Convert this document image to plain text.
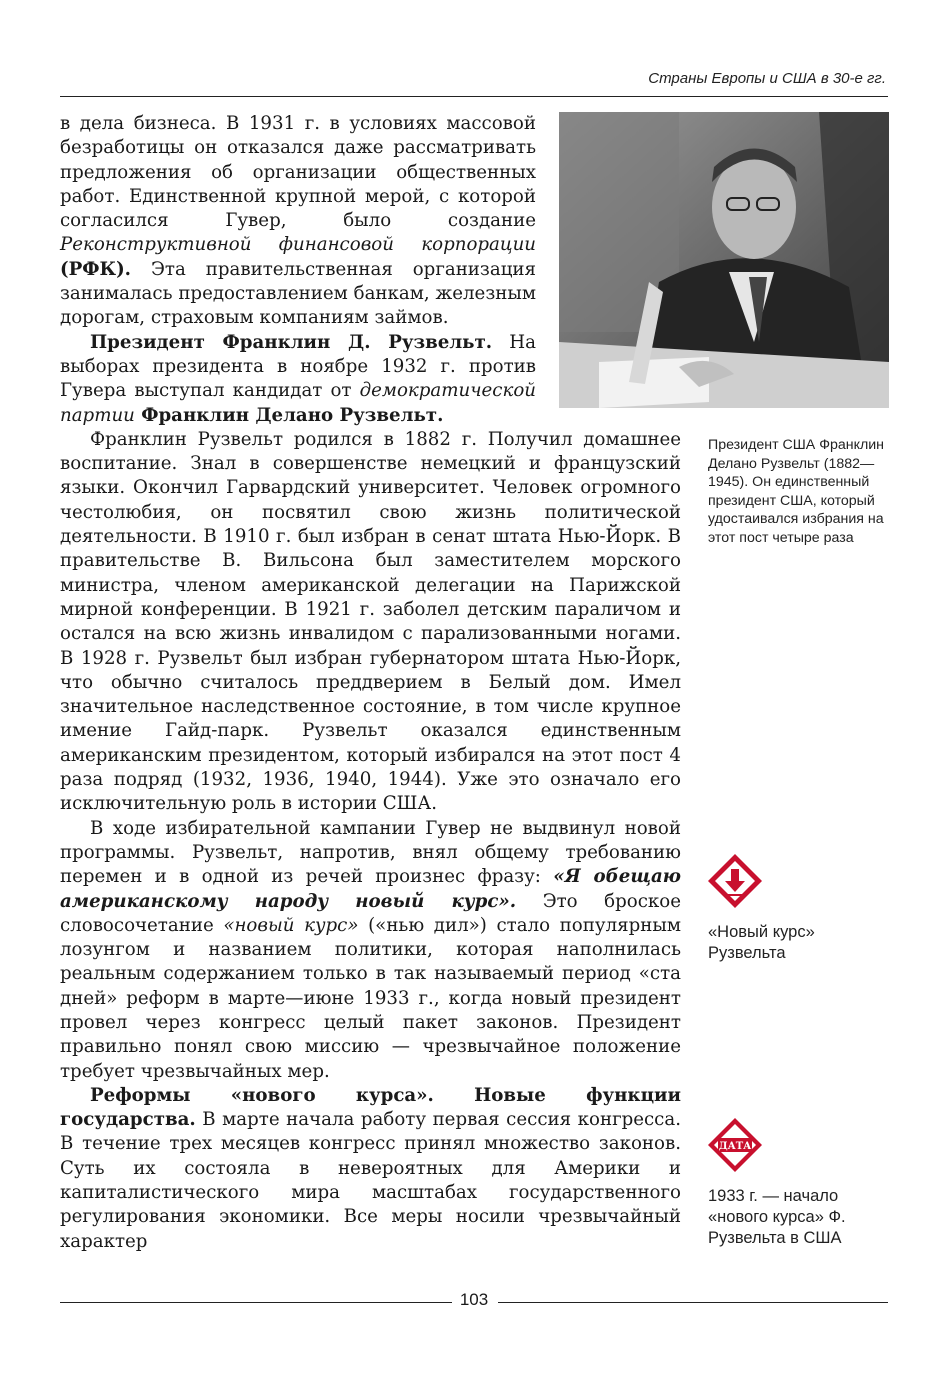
Страны Европы и США в 30-е гг.

в дела бизнеса. В 1931 г. в условиях массовой безработицы он отказался даже рассматривать предложения об организации общественных работ. Единственной крупной мерой, с которой согласился Гувер, было создание Реконструктивной финансовой корпорации (РФК). Эта правительственная организация занималась предоставлением банкам, железным дорогам, страховым компаниям займов.

Президент Франклин Д. Рузвельт. На выборах президента в ноябре 1932 г. против Гувера выступал кандидат от демократической партии Франклин Делано Рузвельт.

Франклин Рузвельт родился в 1882 г. Получил домашнее воспитание. Знал в совершенстве немецкий и французский языки. Окончил Гарвардский университет. Человек огромного честолюбия, он посвятил свою жизнь политической деятельности. В 1910 г. был избран в сенат штата Нью-Йорк. В правительстве В. Вильсона был заместителем морского министра, членом американской делегации на Парижской мирной конференции. В 1921 г. заболел детским параличом и остался на всю жизнь инвалидом с парализованными ногами. В 1928 г. Рузвельт был избран губернатором штата Нью-Йорк, что обычно считалось преддверием в Белый дом. Имел значительное наследственное состояние, в том числе крупное имение Гайд-парк. Рузвельт оказался единственным американским президентом, который избирался на этот пост 4 раза подряд (1932, 1936, 1940, 1944). Уже это означало его исключительную роль в истории США.

В ходе избирательной кампании Гувер не выдвинул новой программы. Рузвельт, напротив, внял общему требованию перемен и в одной из речей произнес фразу: «Я обещаю американскому народу новый курс». Это броское словосочетание «новый курс» («нью дил») стало популярным лозунгом и названием политики, которая наполнилась реальным содержанием только в так называемый период «ста дней» реформ в марте—июне 1933 г., когда новый президент провел через конгресс целый пакет законов. Президент правильно понял свою миссию — чрезвычайное положение требует чрезвычайных мер.

Реформы «нового курса». Новые функции государства. В марте начала работу первая сессия конгресса. В течение трех месяцев конгресс принял множество законов. Суть их состояла в невероятных для Америки и капиталистического мира масштабах государственного регулирования экономики. Все меры носили чрезвычайный характер

Президент США Франклин Делано Рузвельт (1882—1945). Он единственный президент США, который удостаивался избрания на этот пост четыре раза
«Новый курс» Рузвельта
ДАТА
1933 г. — начало «нового курса» Ф. Рузвельта в США
103
